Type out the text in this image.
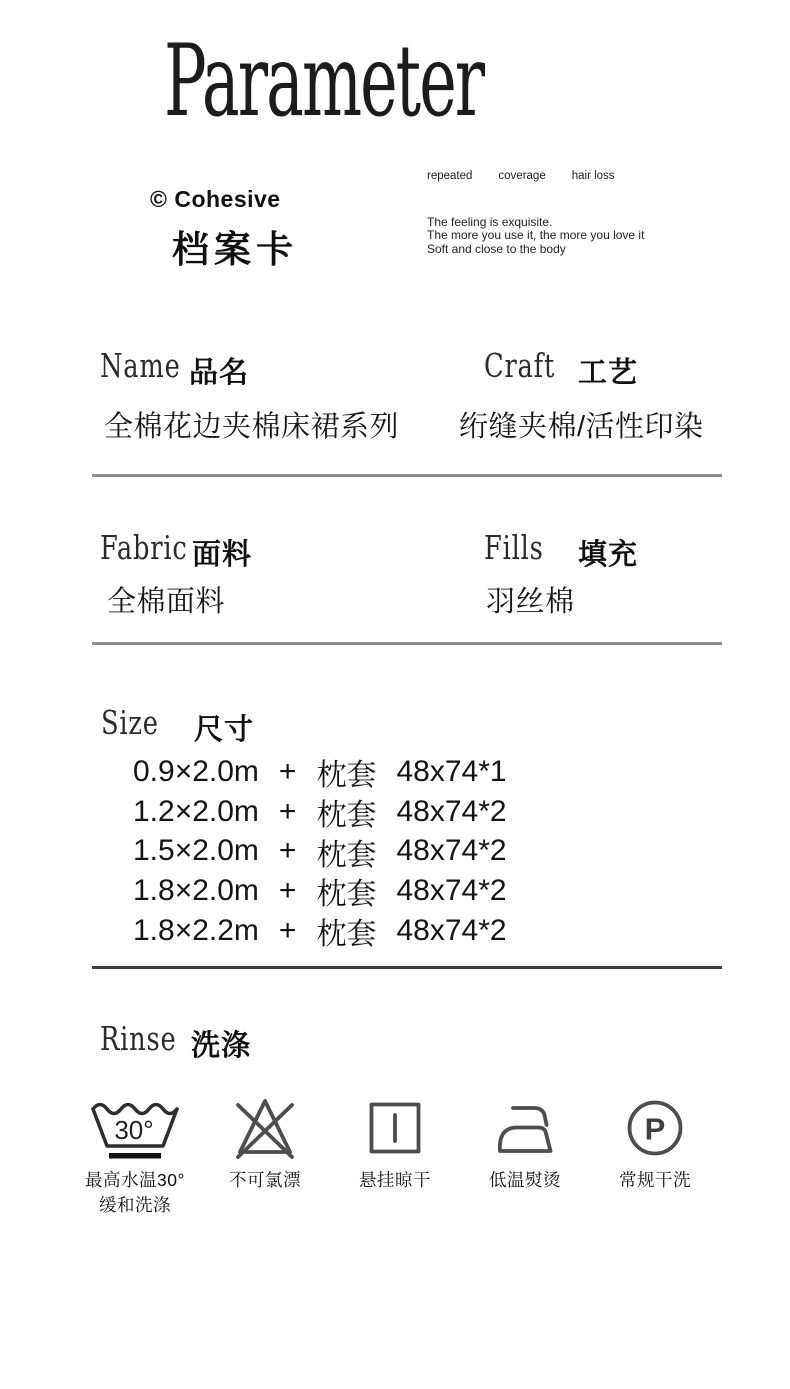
Parameter
© Cohesive
档案卡
repeated coverage hair loss
The feeling is exquisite.
The more you use it, the more you love it
Soft and close to the body
Name 品名	Craft 工艺
全棉花边夹棉床裙系列 绗缝夹棉/活性印染
Fabric 面料	Fills 填充
全棉面料	羽丝棉
Size 尺寸
0.9×2.0m + 枕套 48x74*1
1.2×2.0m + 枕套 48x74*2
1.5×2.0m + 枕套 48x74*2
1.8×2.0m + 枕套 48x74*2
1.8×2.2m + 枕套 48x74*2
Rinse 洗涤
30°
最高水温30°
缓和洗涤
不可氯漂	悬挂晾干	低温熨烫
P
常规干洗
